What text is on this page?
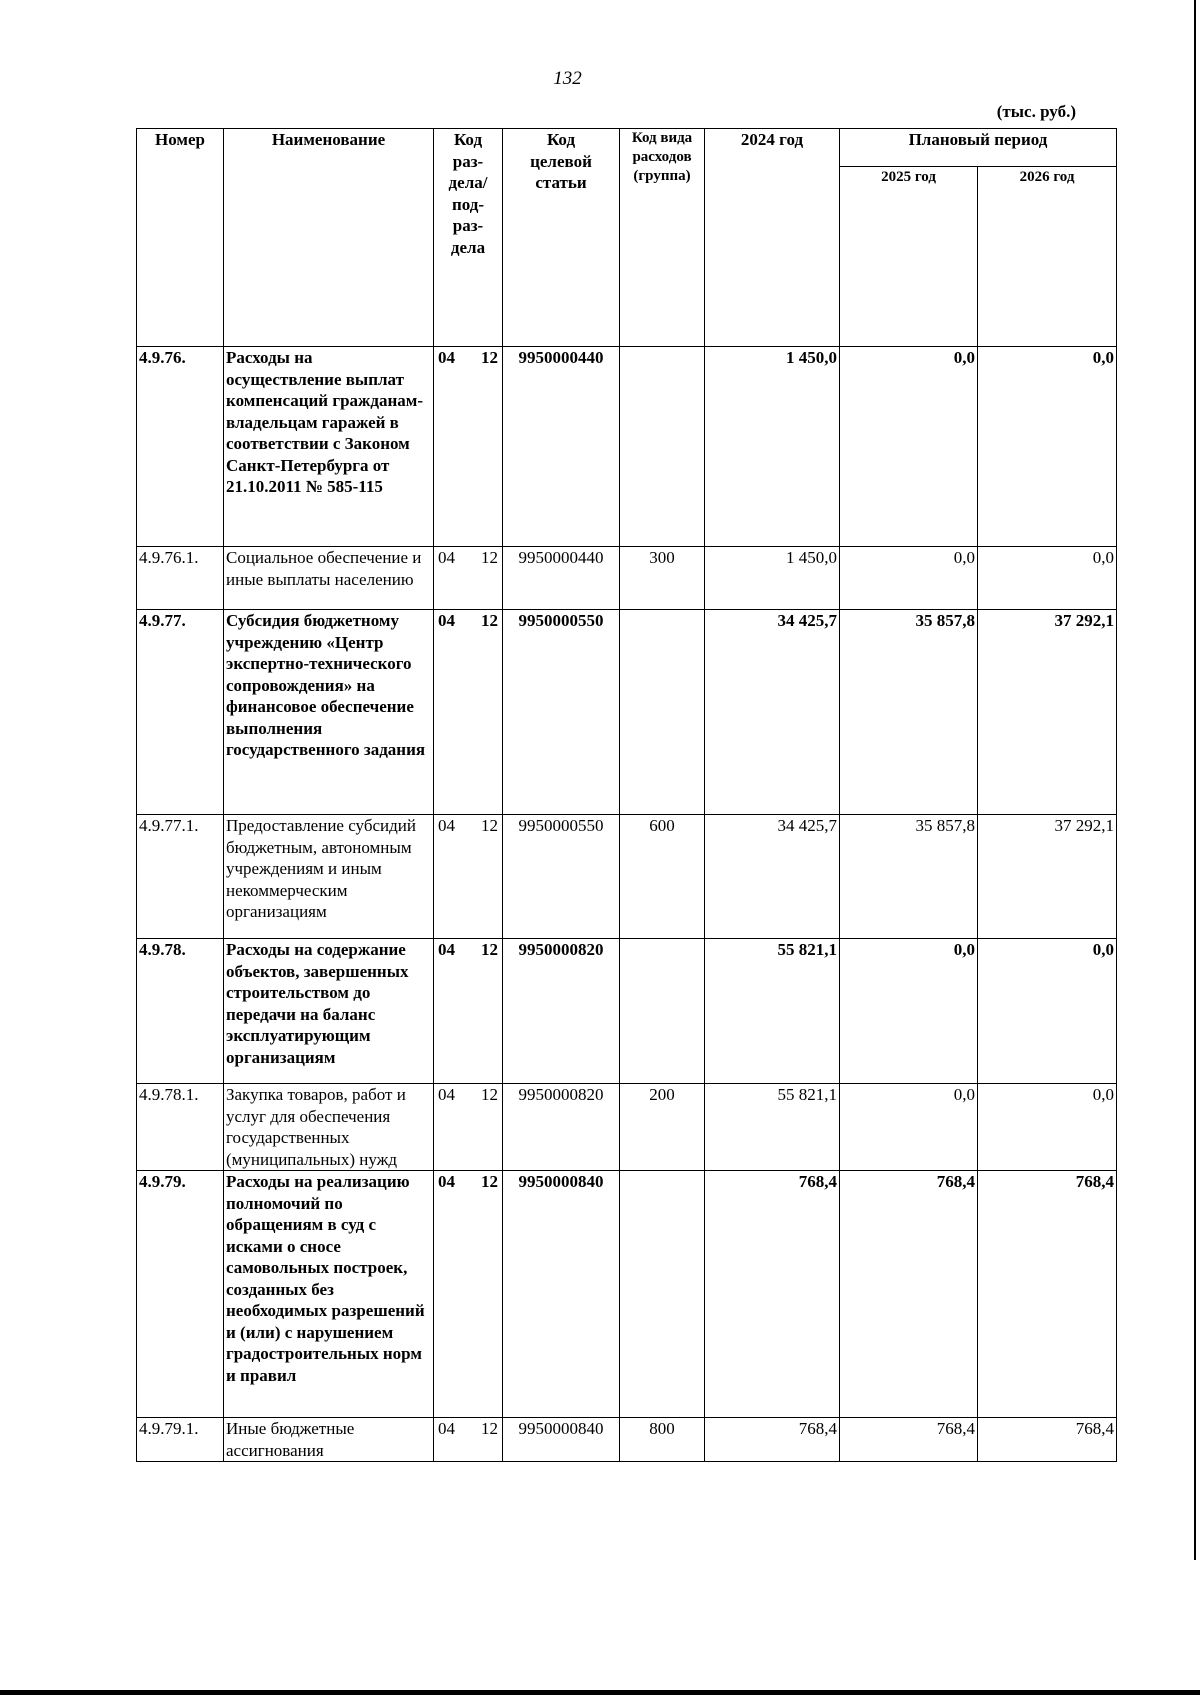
132
(тыс. руб.)
Номер	Наименование	Код раз-дела/ под-раз-дела	Код целевой статьи	Код вида расходов (группа)	2024 год	Плановый период	
						2025 год	2026 год
4.9.76.	Расходы на осуществление выплат компенсаций гражданам-владельцам гаражей в соответствии с Законом Санкт-Петербурга от 21.10.2011 № 585-115	04 12	9950000440		1 450,0	0,0	0,0
4.9.76.1.	Социальное обеспечение и иные выплаты населению	04 12	9950000440	300	1 450,0	0,0	0,0
4.9.77.	Субсидия бюджетному учреждению «Центр экспертно-технического сопровождения» на финансовое обеспечение выполнения государственного задания	04 12	9950000550		34 425,7	35 857,8	37 292,1
4.9.77.1.	Предоставление субсидий бюджетным, автономным учреждениям и иным некоммерческим организациям	04 12	9950000550	600	34 425,7	35 857,8	37 292,1
4.9.78.	Расходы на содержание объектов, завершенных строительством до передачи на баланс эксплуатирующим организациям	04 12	9950000820		55 821,1	0,0	0,0
4.9.78.1.	Закупка товаров, работ и услуг для обеспечения государственных (муниципальных) нужд	04 12	9950000820	200	55 821,1	0,0	0,0
4.9.79.	Расходы на реализацию полномочий по обращениям в суд с исками о сносе самовольных построек, созданных без необходимых разрешений и (или) с нарушением градостроительных норм и правил	04 12	9950000840		768,4	768,4	768,4
4.9.79.1.	Иные бюджетные ассигнования	04 12	9950000840	800	768,4	768,4	768,4
